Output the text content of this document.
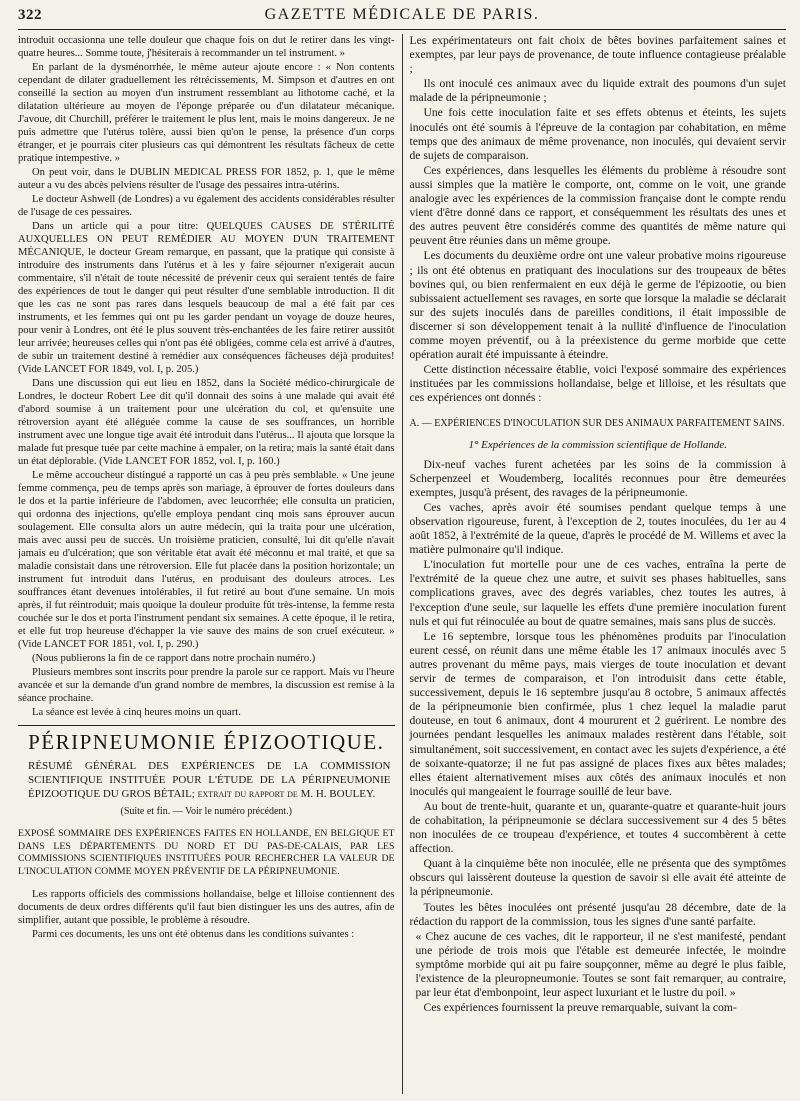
322	GAZETTE MÉDICALE DE PARIS.

introduit occasionna une telle douleur que chaque fois on dut le retirer dans les vingt-quatre heures... Somme toute, j'hésiterais à recommander un tel instrument. »

En parlant de la dysménorrhée, le même auteur ajoute encore : « Non contents cependant de dilater graduellement les rétrécissements, M. Simpson et d'autres en ont conseillé la section au moyen d'un instrument ressemblant au lithotome caché, et la dilatation ultérieure au moyen de l'éponge préparée ou d'un dilatateur mécanique. J'avoue, dit Churchill, préférer le traitement le plus lent, mais le moins dangereux. Je ne puis admettre que l'utérus tolère, aussi bien qu'on le pense, la présence d'un corps étranger, et je pourrais citer plusieurs cas qui démontrent les résultats fâcheux de cette pratique intempestive. »

On peut voir, dans le DUBLIN MEDICAL PRESS FOR 1852, p. 1, que le même auteur a vu des abcès pelviens résulter de l'usage des pessaires intra-utérins.

Le docteur Ashwell (de Londres) a vu également des accidents considérables résulter de l'usage de ces pessaires.

Dans un article qui a pour titre: QUELQUES CAUSES DE STÉRILITÉ AUXQUELLES ON PEUT REMÉDIER AU MOYEN D'UN TRAITEMENT MÉCANIQUE, le docteur Gream remarque, en passant, que la pratique qui consiste à introduire des instruments dans l'utérus et à les y faire séjourner n'exigerait aucun commentaire, s'il n'était de toute nécessité de prévenir ceux qui seraient tentés de faire des expériences de tout le danger qui peut résulter d'une semblable introduction. Il dit que les cas ne sont pas rares dans lesquels beaucoup de mal a été fait par ces instruments, et les femmes qui ont pu les garder pendant un voyage de douze heures, pour venir à Londres, ont été le plus souvent très-enchantées de les faire retirer aussitôt leur arrivée; heureuses celles qui n'ont pas été obligées, comme cela est arrivé à d'autres, de subir un traitement destiné à remédier aux conséquences fâcheuses déjà produites! (Vide LANCET FOR 1849, vol. I, p. 205.)

Dans une discussion qui eut lieu en 1852, dans la Société médico-chirurgicale de Londres, le docteur Robert Lee dit qu'il donnait des soins à une malade qui avait été d'abord soumise à un traitement pour une ulcération du col, et qu'ensuite une rétroversion ayant été alléguée comme la cause de ses souffrances, un horrible instrument avec une longue tige avait été introduit dans l'utérus... Il ajouta que lorsque la malade fut presque tuée par cette machine à empaler, on la retira; mais la santé était dans un état déplorable. (Vide LANCET FOR 1852, vol. I, p. 160.)

Le même accoucheur distingué a rapporté un cas à peu près semblable. « Une jeune femme commença, peu de temps après son mariage, à éprouver de fortes douleurs dans le dos et la partie inférieure de l'abdomen, avec leucorrhée; elle consulta un praticien, qui ordonna des injections, qu'elle employa pendant cinq mois sans éprouver aucun soulagement. Elle consulta alors un autre médecin, qui la traita pour une ulcération, mais avec aussi peu de succès. Un troisième praticien, consulté, lui dit qu'elle n'avait jamais eu d'ulcération; que son véritable état avait été méconnu et mal traité, et que sa maladie consistait dans une rétroversion. Elle fut placée dans la position horizontale; un instrument fut introduit dans l'utérus, en produisant des douleurs atroces. Les souffrances étant devenues intolérables, il fut retiré au bout d'une semaine. Un mois après, il fut réintroduit; mais quoique la douleur produite fût très-intense, la femme resta couchée sur le dos et porta l'instrument pendant six semaines. A cette époque, il le retira, et elle fut trop heureuse d'échapper la vie sauve des mains de son cruel exécuteur. » (Vide LANCET FOR 1851, vol. I, p. 290.)

(Nous publierons la fin de ce rapport dans notre prochain numéro.)

Plusieurs membres sont inscrits pour prendre la parole sur ce rapport. Mais vu l'heure avancée et sur la demande d'un grand nombre de membres, la discussion est remise à la séance prochaine.

La séance est levée à cinq heures moins un quart.

PÉRIPNEUMONIE ÉPIZOOTIQUE.

RÉSUMÉ GÉNÉRAL DES EXPÉRIENCES DE LA COMMISSION SCIENTIFIQUE INSTITUÉE POUR L'ÉTUDE DE LA PÉRIPNEUMONIE ÉPIZOOTIQUE DU GROS BÉTAIL; extrait du rapport de M. H. BOULEY.

(Suite et fin. — Voir le numéro précédent.)

EXPOSÉ SOMMAIRE DES EXPÉRIENCES FAITES EN HOLLANDE, EN BELGIQUE ET DANS LES DÉPARTEMENTS DU NORD ET DU PAS-DE-CALAIS, PAR LES COMMISSIONS SCIENTIFIQUES INSTITUÉES POUR RECHERCHER LA VALEUR DE L'INOCULATION COMME MOYEN PRÉVENTIF DE LA PÉRIPNEUMONIE.

Les rapports officiels des commissions hollandaise, belge et lilloise contiennent des documents de deux ordres différents qu'il faut bien distinguer les uns des autres, afin de simplifier, autant que possible, le problème à résoudre.

Parmi ces documents, les uns ont été obtenus dans les conditions suivantes :

Les expérimentateurs ont fait choix de bêtes bovines parfaitement saines et exemptes, par leur pays de provenance, de toute influence contagieuse préalable ;

Ils ont inoculé ces animaux avec du liquide extrait des poumons d'un sujet malade de la péripneumonie ;

Une fois cette inoculation faite et ses effets obtenus et éteints, les sujets inoculés ont été soumis à l'épreuve de la contagion par cohabitation, en même temps que des animaux de même provenance, non inoculés, qui devaient servir de sujets de comparaison.

Ces expériences, dans lesquelles les éléments du problème à résoudre sont aussi simples que la matière le comporte, ont, comme on le voit, une grande analogie avec les expériences de la commission française dont le compte rendu vient d'être donné dans ce rapport, et conséquemment les résultats des unes et des autres peuvent être considérés comme des quantités de même nature qui peuvent être réunies dans un même groupe.

Les documents du deuxième ordre ont une valeur probative moins rigoureuse ; ils ont été obtenus en pratiquant des inoculations sur des troupeaux de bêtes bovines qui, ou bien renfermaient en eux déjà le germe de l'épizootie, ou bien subissaient actuellement ses ravages, en sorte que lorsque la maladie se déclarait sur des sujets inoculés dans de pareilles conditions, il était impossible de discerner si son développement tenait à la nullité d'influence de l'inoculation comme moyen préventif, ou à la préexistence du germe morbide que cette opération aurait été impuissante à éteindre.

Cette distinction nécessaire établie, voici l'exposé sommaire des expériences instituées par les commissions hollandaise, belge et lilloise, et les résultats que ces expériences ont donnés :

A. — EXPÉRIENCES D'INOCULATION SUR DES ANIMAUX PARFAITEMENT SAINS.

1° Expériences de la commission scientifique de Hollande.

Dix-neuf vaches furent achetées par les soins de la commission à Scherpenzeel et Woudemberg, localités reconnues pour être demeurées exemptes, jusqu'à présent, des ravages de la péripneumonie.

Ces vaches, après avoir été soumises pendant quelque temps à une observation rigoureuse, furent, à l'exception de 2, toutes inoculées, du 1er au 4 août 1852, à l'extrémité de la queue, d'après le procédé de M. Willems et avec la matière pulmonaire qu'il indique.

L'inoculation fut mortelle pour une de ces vaches, entraîna la perte de l'extrémité de la queue chez une autre, et suivit ses phases habituelles, sans complications graves, avec des degrés variables, chez toutes les autres, à l'exception d'une seule, sur laquelle les effets d'une première inoculation furent nuls et qui fut réinoculée au bout de quatre semaines, mais sans plus de succès.

Le 16 septembre, lorsque tous les phénomènes produits par l'inoculation eurent cessé, on réunit dans une même étable les 17 animaux inoculés avec 5 autres provenant du même pays, mais vierges de toute inoculation et devant servir de termes de comparaison, et l'on introduisit dans cette étable, successivement, depuis le 16 septembre jusqu'au 8 octobre, 5 animaux affectés de la péripneumonie bien confirmée, plus 1 chez lequel la maladie parut douteuse, en tout 6 animaux, dont 4 moururent et 2 guérirent. Le nombre des journées pendant lesquelles les animaux malades restèrent dans l'étable, soit simultanément, soit successivement, en contact avec les sujets d'expérience, a été de soixante-quatorze; il ne fut pas assigné de places fixes aux bêtes malades; elles étaient alternativement mises aux côtés des animaux inoculés et non inoculés qui mangeaient le fourrage souillé de leur bave.

Au bout de trente-huit, quarante et un, quarante-quatre et quarante-huit jours de cohabitation, la péripneumonie se déclara successivement sur 4 des 5 bêtes non inoculées de ce troupeau d'expérience, et toutes 4 succombèrent à cette affection.

Quant à la cinquième bête non inoculée, elle ne présenta que des symptômes obscurs qui laissèrent douteuse la question de savoir si elle avait été atteinte de la péripneumonie.

Toutes les bêtes inoculées ont présenté jusqu'au 28 décembre, date de la rédaction du rapport de la commission, tous les signes d'une santé parfaite.

« Chez aucune de ces vaches, dit le rapporteur, il ne s'est manifesté, pendant une période de trois mois que l'étable est demeurée infectée, le moindre symptôme morbide qui ait pu faire soupçonner, même au degré le plus faible, l'existence de la pleuropneumonie. Toutes se sont fait remarquer, au contraire, par leur état d'embonpoint, leur aspect luxuriant et le lustre du poil. »

Ces expériences fournissent la preuve remarquable, suivant la com-
